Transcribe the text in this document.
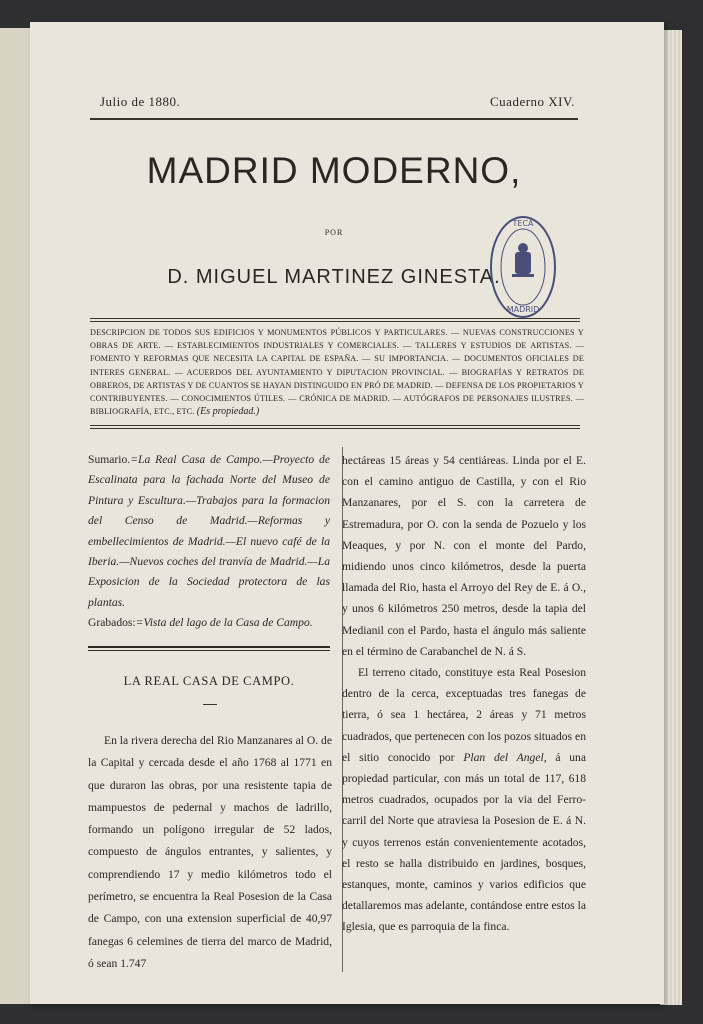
Julio de 1880.	Cuaderno XIV.
MADRID MODERNO,
POR
D. MIGUEL MARTINEZ GINESTA.
TECA
MADRID
DESCRIPCION DE TODOS SUS EDIFICIOS Y MONUMENTOS PÚBLICOS Y PARTICULARES. — NUEVAS CONSTRUCCIONES Y OBRAS DE ARTE. — ESTABLECIMIENTOS INDUSTRIALES Y COMERCIALES. — TALLERES Y ESTUDIOS DE ARTISTAS. — FOMENTO Y REFORMAS QUE NECESITA LA CAPITAL DE ESPAÑA. — SU IMPORTANCIA. — DOCUMENTOS OFICIALES DE INTERES GENERAL. — ACUERDOS DEL AYUNTAMIENTO Y DIPUTACION PROVINCIAL. — BIOGRAFÍAS Y RETRATOS DE OBREROS, DE ARTISTAS Y DE CUANTOS SE HAYAN DISTINGUIDO EN PRÓ DE MADRID. — DEFENSA DE LOS PROPIETARIOS Y CONTRIBUYENTES. — CONOCIMIENTOS ÚTILES. — CRÓNICA DE MADRID. — AUTÓGRAFOS DE PERSONAJES ILUSTRES. — BIBLIOGRAFÍA, ETC., ETC. (Es propiedad.)
Sumario.=La Real Casa de Campo.—Proyecto de Escalinata para la fachada Norte del Museo de Pintura y Escultura.—Trabajos para la formacion del Censo de Madrid.—Reformas y embellecimientos de Madrid.—El nuevo café de la Iberia.—Nuevos coches del tranvía de Madrid.—La Exposicion de la Sociedad protectora de las plantas.
Grabados:=Vista del lago de la Casa de Campo.
LA REAL CASA DE CAMPO.

En la rivera derecha del Rio Manzanares al O. de la Capital y cercada desde el año 1768 al 1771 en que duraron las obras, por una resistente tapia de mampuestos de pedernal y machos de ladrillo, formando un polígono irregular de 52 lados, compuesto de ángulos entrantes, y salientes, y comprendiendo 17 y medio kilómetros todo el perímetro, se encuentra la Real Posesion de la Casa de Campo, con una extension superficial de 40,97 fanegas 6 celemines de tierra del marco de Madrid, ó sean 1.747

hectáreas 15 áreas y 54 centiáreas. Linda por el E. con el camino antiguo de Castilla, y con el Rio Manzanares, por el S. con la carretera de Estremadura, por O. con la senda de Pozuelo y los Meaques, y por N. con el monte del Pardo, midiendo unos cinco kilómetros, desde la puerta llamada del Rio, hasta el Arroyo del Rey de E. á O., y unos 6 kilómetros 250 metros, desde la tapia del Medianil con el Pardo, hasta el ángulo más saliente en el término de Carabanchel de N. á S.

El terreno citado, constituye esta Real Posesion dentro de la cerca, exceptuadas tres fanegas de tierra, ó sea 1 hectárea, 2 áreas y 71 metros cuadrados, que pertenecen con los pozos situados en el sitio conocido por Plan del Angel, á una propiedad particular, con más un total de 117, 618 metros cuadrados, ocupados por la via del Ferro-carril del Norte que atraviesa la Posesion de E. á N. y cuyos terrenos están convenientemente acotados, el resto se halla distribuido en jardines, bosques, estanques, monte, caminos y varios edificios que detallaremos mas adelante, contándose entre estos la Iglesia, que es parroquia de la finca.
